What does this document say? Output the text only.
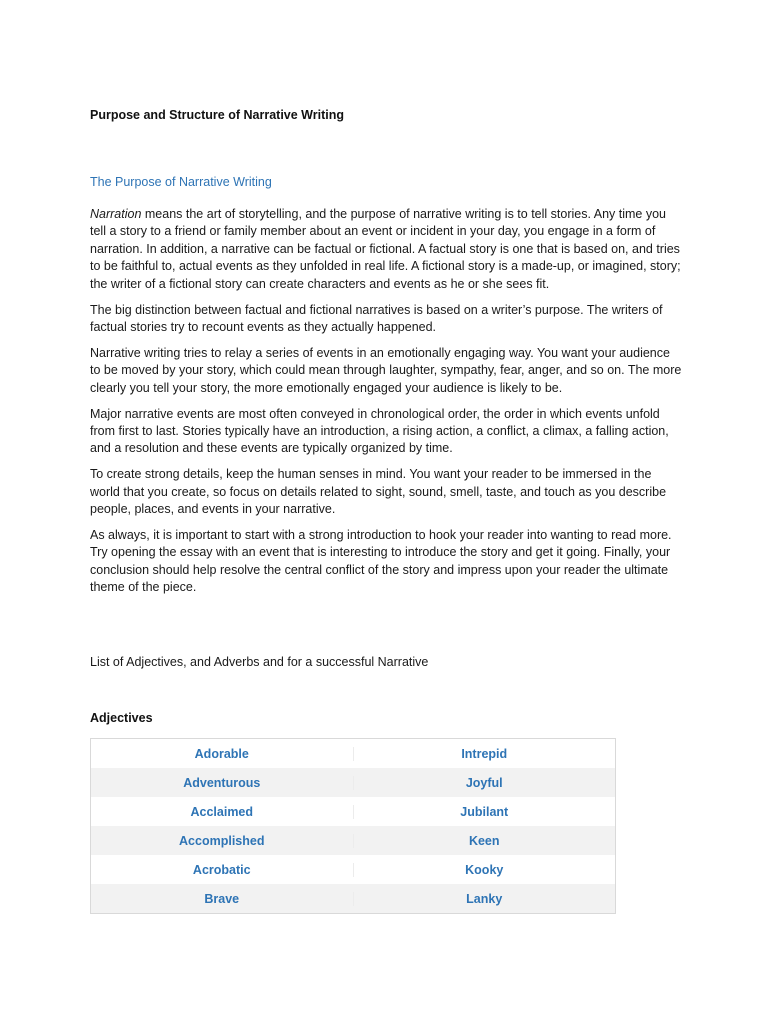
Purpose and Structure of Narrative Writing
The Purpose of Narrative Writing

Narration means the art of storytelling, and the purpose of narrative writing is to tell stories. Any time you tell a story to a friend or family member about an event or incident in your day, you engage in a form of narration. In addition, a narrative can be factual or fictional. A factual story is one that is based on, and tries to be faithful to, actual events as they unfolded in real life. A fictional story is a made-up, or imagined, story; the writer of a fictional story can create characters and events as he or she sees fit.

The big distinction between factual and fictional narratives is based on a writer’s purpose. The writers of factual stories try to recount events as they actually happened.

Narrative writing tries to relay a series of events in an emotionally engaging way. You want your audience to be moved by your story, which could mean through laughter, sympathy, fear, anger, and so on. The more clearly you tell your story, the more emotionally engaged your audience is likely to be.

Major narrative events are most often conveyed in chronological order, the order in which events unfold from first to last. Stories typically have an introduction, a rising action, a conflict, a climax, a falling action, and a resolution and these events are typically organized by time.

To create strong details, keep the human senses in mind. You want your reader to be immersed in the world that you create, so focus on details related to sight, sound, smell, taste, and touch as you describe people, places, and events in your narrative.

As always, it is important to start with a strong introduction to hook your reader into wanting to read more. Try opening the essay with an event that is interesting to introduce the story and get it going. Finally, your conclusion should help resolve the central conflict of the story and impress upon your reader the ultimate theme of the piece.

List of Adjectives, and Adverbs and for a successful Narrative
Adjectives
Adorable	Intrepid
Adventurous	Joyful
Acclaimed	Jubilant
Accomplished	Keen
Acrobatic	Kooky
Brave	Lanky
